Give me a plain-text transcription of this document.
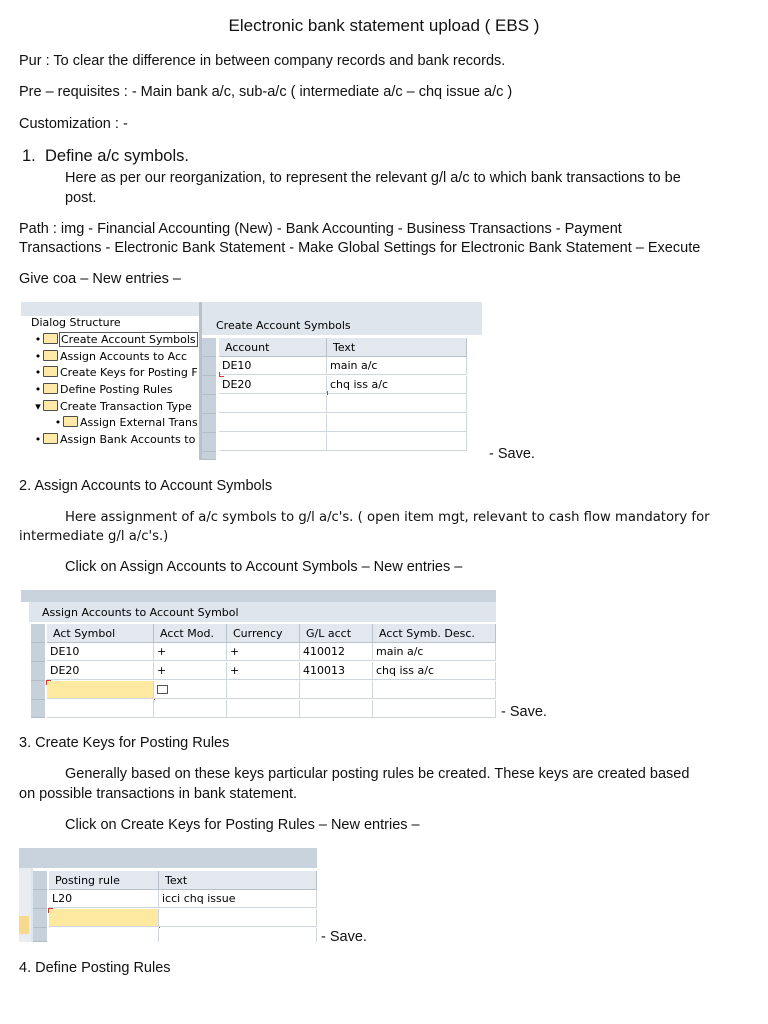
Electronic bank statement upload ( EBS )
Pur : To clear the difference in between company records and bank records.
Pre – requisites : - Main bank a/c, sub-a/c ( intermediate a/c – chq issue a/c )
Customization : -
1. Define a/c symbols.
Here as per our reorganization, to represent the relevant g/l a/c to which bank transactions to be
post.
Path : img - Financial Accounting (New) - Bank Accounting - Business Transactions - Payment
Transactions - Electronic Bank Statement - Make Global Settings for Electronic Bank Statement – Execute
Give coa – New entries –
Dialog Structure
• Create Account Symbols
• Assign Accounts to Acc
• Create Keys for Posting F
• Define Posting Rules
▾ Create Transaction Type
• Assign External Trans
• Assign Bank Accounts to
Create Account Symbols
Account	Text
DE10	main a/c
DE20	chq iss a/c
- Save.
2. Assign Accounts to Account Symbols
Here assignment of a/c symbols to g/l a/c's. ( open item mgt, relevant to cash flow mandatory for
intermediate g/l a/c's.)
Click on Assign Accounts to Account Symbols – New entries –
Assign Accounts to Account Symbol
Act Symbol	Acct Mod.	Currency	G/L acct	Acct Symb. Desc.
DE10	+	+	410012	main a/c
DE20	+	+	410013	chq iss a/c
- Save.
3. Create Keys for Posting Rules
Generally based on these keys particular posting rules be created. These keys are created based
on possible transactions in bank statement.
Click on Create Keys for Posting Rules – New entries –
Posting rule	Text
L20	icci chq issue
- Save.
4. Define Posting Rules
